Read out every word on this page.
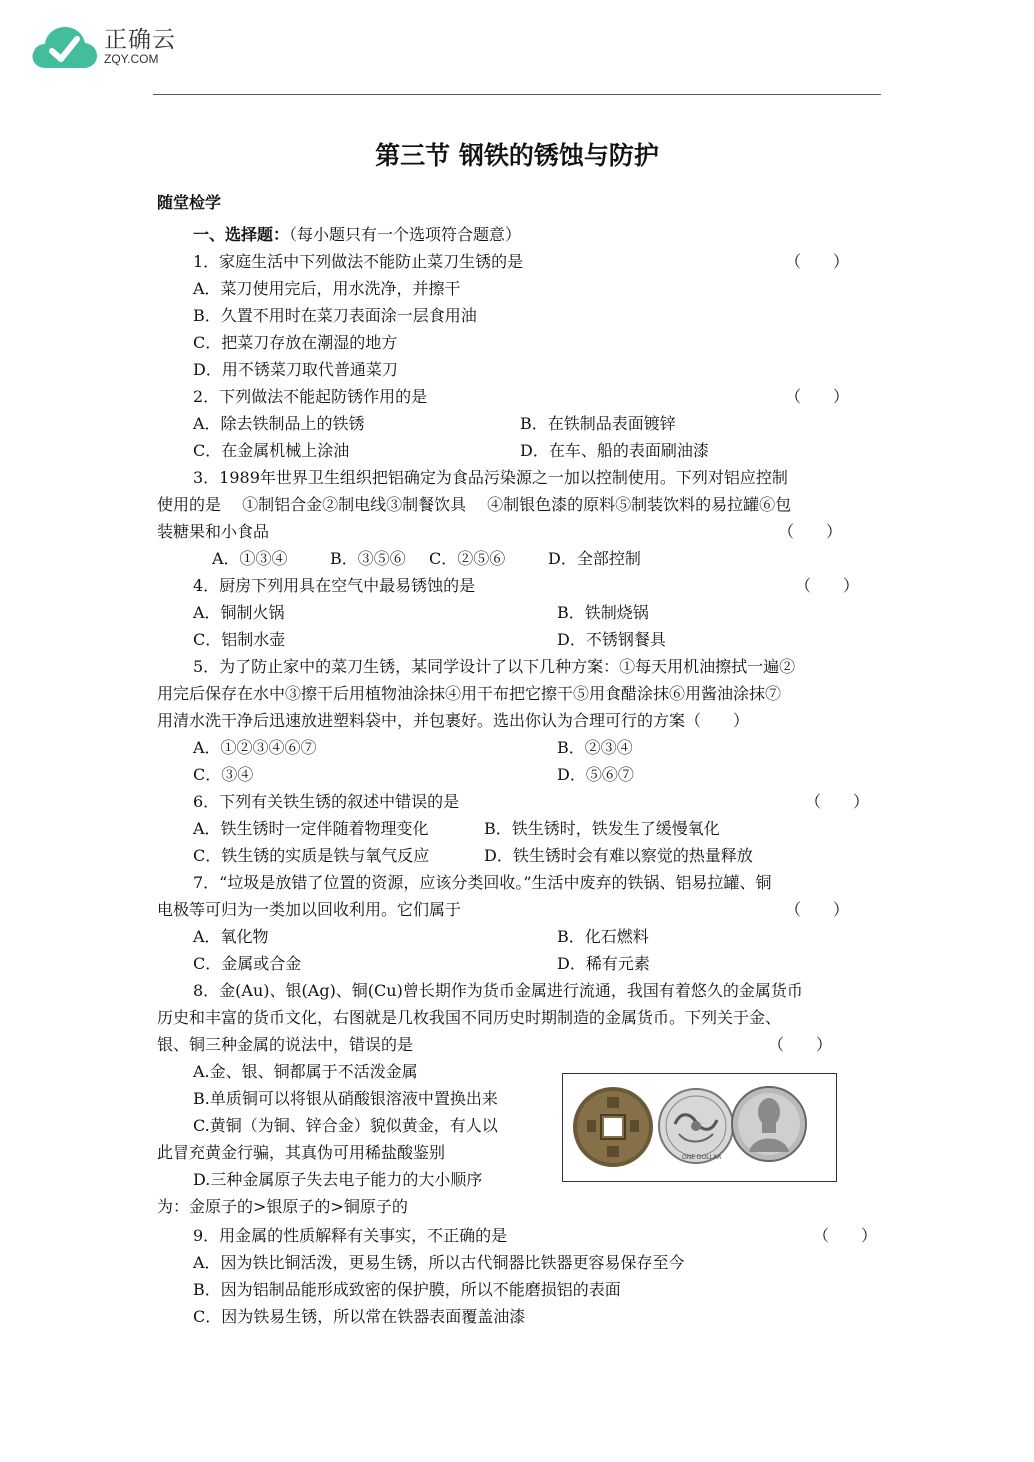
正确云
ZQY.COM
第三节 钢铁的锈蚀与防护
随堂检学
一、选择题：（每小题只有一个选项符合题意）
1．家庭生活中下列做法不能防止菜刀生锈的是	（　　）
A．菜刀使用完后，用水洗净，并擦干
B．久置不用时在菜刀表面涂一层食用油
C．把菜刀存放在潮湿的地方
D．用不锈菜刀取代普通菜刀
2．下列做法不能起防锈作用的是	（　　）
A．除去铁制品上的铁锈	B．在铁制品表面镀锌
C．在金属机械上涂油	D．在车、船的表面刷油漆
3．1989年世界卫生组织把铝确定为食品污染源之一加以控制使用。下列对铝应控制
使用的是　 ①制铝合金②制电线③制餐饮具　 ④制银色漆的原料⑤制装饮料的易拉罐⑥包
装糖果和小食品	（　　）
A．①③④	B．③⑤⑥ C．②⑤⑥	D．全部控制
4．厨房下列用具在空气中最易锈蚀的是	（　　）
A．铜制火锅	B．铁制烧锅
C．铝制水壶	D．不锈钢餐具
5．为了防止家中的菜刀生锈，某同学设计了以下几种方案：①每天用机油擦拭一遍②
用完后保存在水中③擦干后用植物油涂抹④用干布把它擦干⑤用食醋涂抹⑥用酱油涂抹⑦
用清水洗干净后迅速放进塑料袋中，并包裹好。选出你认为合理可行的方案（　　）
A．①②③④⑥⑦	B．②③④
C．③④	D．⑤⑥⑦
6．下列有关铁生锈的叙述中错误的是	（　　）
A．铁生锈时一定伴随着物理变化	B．铁生锈时，铁发生了缓慢氧化
C．铁生锈的实质是铁与氧气反应	D．铁生锈时会有难以察觉的热量释放
7．“垃圾是放错了位置的资源，应该分类回收。”生活中废弃的铁锅、铝易拉罐、铜
电极等可归为一类加以回收利用。它们属于	（　　）
A．氧化物	B．化石燃料
C．金属或合金	D．稀有元素
8．金(Au)、银(Ag)、铜(Cu)曾长期作为货币金属进行流通，我国有着悠久的金属货币
历史和丰富的货币文化，右图就是几枚我国不同历史时期制造的金属货币。下列关于金、
银、铜三种金属的说法中，错误的是	（　　）
A.金、银、铜都属于不活泼金属
B.单质铜可以将银从硝酸银溶液中置换出来
C.黄铜（为铜、锌合金）貌似黄金，有人以
此冒充黄金行骗，其真伪可用稀盐酸鉴别
D.三种金属原子失去电子能力的大小顺序
为：金原子的>银原子的>铜原子的
ONE DOLLAR
9．用金属的性质解释有关事实，不正确的是	（　　）
A．因为铁比铜活泼，更易生锈，所以古代铜器比铁器更容易保存至今
B．因为铝制品能形成致密的保护膜，所以不能磨损铝的表面
C．因为铁易生锈，所以常在铁器表面覆盖油漆
